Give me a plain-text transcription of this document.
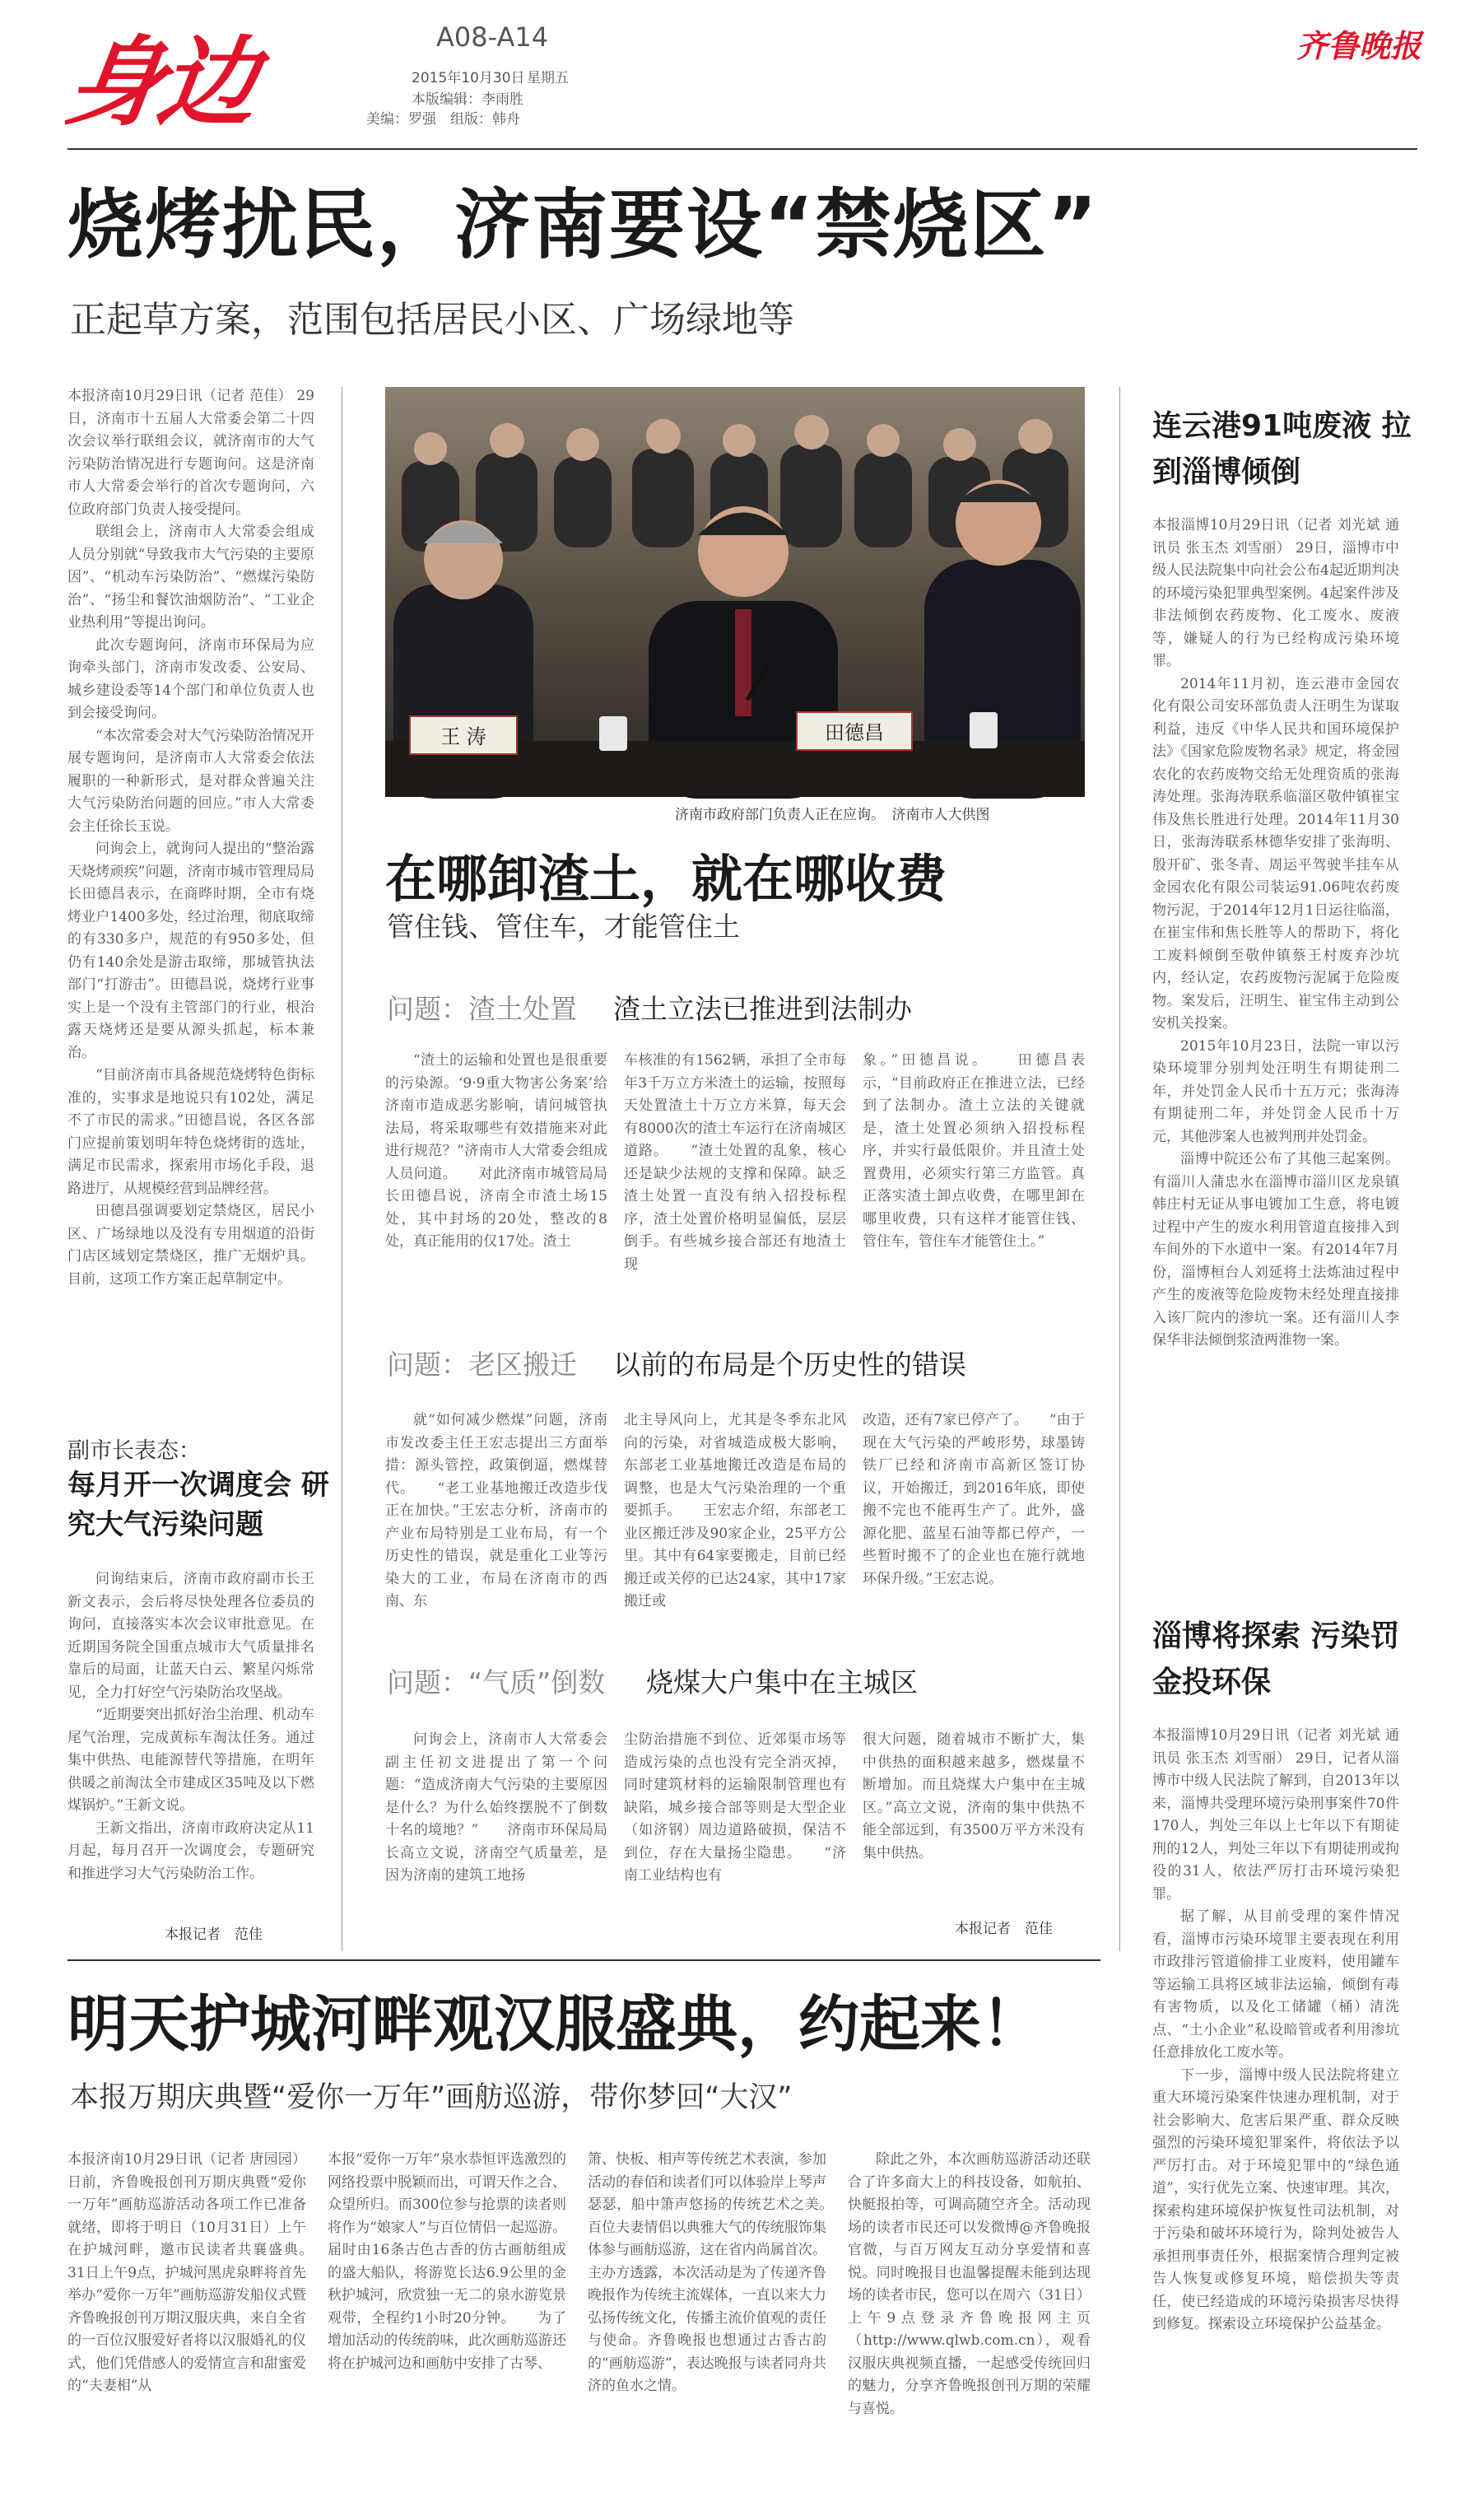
身边	A08-A14
2015年10月30日 星期五
本版编辑：李雨胜
美编：罗强　组版：韩舟
齐鲁晚报
烧烤扰民，济南要设“禁烧区”
正起草方案，范围包括居民小区、广场绿地等

本报济南10月29日讯（记者 范佳） 29日，济南市十五届人大常委会第二十四次会议举行联组会议，就济南市的大气污染防治情况进行专题询问。这是济南市人大常委会举行的首次专题询问，六位政府部门负责人接受提问。

联组会上，济南市人大常委会组成人员分别就“导致我市大气污染的主要原因”、“机动车污染防治”、“燃煤污染防治”、“扬尘和餐饮油烟防治”、“工业企业热利用”等提出询问。

此次专题询问，济南市环保局为应询牵头部门，济南市发改委、公安局、城乡建设委等14个部门和单位负责人也到会接受询问。

“本次常委会对大气污染防治情况开展专题询问，是济南市人大常委会依法履职的一种新形式，是对群众普遍关注大气污染防治问题的回应。”市人大常委会主任徐长玉说。

问询会上，就询问人提出的“整治露天烧烤顽疾”问题，济南市城市管理局局长田德昌表示，在商晔时期，全市有烧烤业户1400多处，经过治理，彻底取缔的有330多户，规范的有950多处，但仍有140余处是游击取缔，那城管执法部门“打游击”。田德昌说，烧烤行业事实上是一个没有主管部门的行业，根治露天烧烤还是要从源头抓起，标本兼治。

“目前济南市具备规范烧烤特色街标准的，实事求是地说只有102处，满足不了市民的需求。”田德昌说，各区各部门应提前策划明年特色烧烤街的选址，满足市民需求，探索用市场化手段，退路进厅，从规模经营到品牌经营。

田德昌强调要划定禁烧区，居民小区、广场绿地以及没有专用烟道的沿街门店区域划定禁烧区，推广无烟炉具。目前，这项工作方案正起草制定中。

副市长表态：
每月开一次调度会 研究大气污染问题

问询结束后，济南市政府副市长王新文表示，会后将尽快处理各位委员的询问，直接落实本次会议审批意见。在近期国务院全国重点城市大气质量排名靠后的局面，让蓝天白云、繁星闪烁常见，全力打好空气污染防治攻坚战。

“近期要突出抓好治尘治理、机动车尾气治理，完成黄标车淘汰任务。通过集中供热、电能源替代等措施，在明年供暖之前淘汰全市建成区35吨及以下燃煤锅炉。”王新文说。

王新文指出，济南市政府决定从11月起，每月召开一次调度会，专题研究和推进学习大气污染防治工作。

本报记者　范佳
王 涛	田德昌
济南市政府部门负责人正在应询。　济南市人大供图
在哪卸渣土，就在哪收费
管住钱、管住车，才能管住土
问题：渣土处置 渣土立法已推进到法制办

“渣土的运输和处置也是很重要的污染源。‘9·9重大物害公务案’给济南市造成恶劣影响，请问城管执法局，将采取哪些有效措施来对此进行规范？”济南市人大常委会组成人员问道。　　对此济南市城管局局长田德昌说，济南全市渣土场15处，其中封场的20处，整改的8处，真正能用的仅17处。渣土

车核准的有1562辆，承担了全市每年3千万立方米渣土的运输，按照每天处置渣土十万立方米算，每天会有8000次的渣土车运行在济南城区道路。　　“渣土处置的乱象，核心还是缺少法规的支撑和保障。缺乏渣土处置一直没有纳入招投标程序，渣土处置价格明显偏低，层层倒手。有些城乡接合部还有地渣土现

象。”田德昌说。　　田德昌表示，“目前政府正在推进立法，已经到了法制办。渣土立法的关键就是，渣土处置必须纳入招投标程序，并实行最低限价。并且渣土处置费用，必须实行第三方监管。真正落实渣土卸点收费，在哪里卸在哪里收费，只有这样才能管住钱、管住车，管住车才能管住土。”

问题：老区搬迁 以前的布局是个历史性的错误

就“如何减少燃煤”问题，济南市发改委主任王宏志提出三方面举措：源头管控，政策倒逼，燃煤替代。　　“老工业基地搬迁改造步伐正在加快。”王宏志分析，济南市的产业布局特别是工业布局，有一个历史性的错误，就是重化工业等污染大的工业，布局在济南市的西南、东

北主导风向上，尤其是冬季东北风向的污染，对省城造成极大影响，东部老工业基地搬迁改造是布局的调整，也是大气污染治理的一个重要抓手。　　王宏志介绍，东部老工业区搬迁涉及90家企业，25平方公里。其中有64家要搬走，目前已经搬迁或关停的已达24家，其中17家搬迁或

改造，还有7家已停产了。　　“由于现在大气污染的严峻形势，球墨铸铁厂已经和济南市高新区签订协议，开始搬迁，到2016年底，即使搬不完也不能再生产了。此外，盛源化肥、蓝星石油等都已停产，一些暂时搬不了的企业也在施行就地环保升级。”王宏志说。

问题：“气质”倒数 烧煤大户集中在主城区

问询会上，济南市人大常委会副主任初文进提出了第一个问题：“造成济南大气污染的主要原因是什么？为什么始终摆脱不了倒数十名的境地？”　　济南市环保局局长高立文说，济南空气质量差，是因为济南的建筑工地扬

尘防治措施不到位、近郊渠市场等造成污染的点也没有完全消灭掉，同时建筑材料的运输限制管理也有缺陷，城乡接合部等则是大型企业（如济钢）周边道路破损，保洁不到位，存在大量扬尘隐患。　　“济南工业结构也有

很大问题，随着城市不断扩大，集中供热的面积越来越多，燃煤量不断增加。而且烧煤大户集中在主城区。”高立文说，济南的集中供热不能全部远到，有3500万平方米没有集中供热。

本报记者　范佳
连云港91吨废液 拉到淄博倾倒

本报淄博10月29日讯（记者 刘光斌 通讯员 张玉杰 刘雪丽） 29日，淄博市中级人民法院集中向社会公布4起近期判决的环境污染犯罪典型案例。4起案件涉及非法倾倒农药废物、化工废水、废液等，嫌疑人的行为已经构成污染环境罪。

2014年11月初，连云港市金园农化有限公司安环部负责人汪明生为谋取利益，违反《中华人民共和国环境保护法》《国家危险废物名录》规定，将金园农化的农药废物交给无处理资质的张海涛处理。张海涛联系临淄区敬仲镇崔宝伟及焦长胜进行处理。2014年11月30日，张海涛联系林德华安排了张海明、殷开矿、张冬青、周运平驾驶半挂车从金园农化有限公司装运91.06吨农药废物污泥，于2014年12月1日运往临淄，在崔宝伟和焦长胜等人的帮助下，将化工废料倾倒至敬仲镇蔡王村废弃沙坑内，经认定，农药废物污泥属于危险废物。案发后，汪明生、崔宝伟主动到公安机关投案。

2015年10月23日，法院一审以污染环境罪分别判处汪明生有期徒刑二年，并处罚金人民币十五万元；张海涛有期徒刑二年，并处罚金人民币十万元，其他涉案人也被判刑并处罚金。

淄博中院还公布了其他三起案例。有淄川人蒲忠水在淄博市淄川区龙泉镇韩庄村无证从事电镀加工生意，将电镀过程中产生的废水利用管道直接排入到车间外的下水道中一案。有2014年7月份，淄博桓台人刘延将土法炼油过程中产生的废液等危险废物未经处理直接排入该厂院内的渗坑一案。还有淄川人李保华非法倾倒浆渣两淮物一案。

淄博将探索 污染罚金投环保

本报淄博10月29日讯（记者 刘光斌 通讯员 张玉杰 刘雪丽） 29日，记者从淄博市中级人民法院了解到，自2013年以来，淄博共受理环境污染刑事案件70件170人，判处三年以上七年以下有期徒刑的12人，判处三年以下有期徒刑或拘役的31人，依法严厉打击环境污染犯罪。

据了解，从目前受理的案件情况看，淄博市污染环境罪主要表现在利用市政排污管道偷排工业废料，使用罐车等运输工具将区域非法运输，倾倒有毒有害物质，以及化工储罐（桶）清洗点、“土小企业”私设暗管或者利用渗坑任意排放化工废水等。

下一步，淄博中级人民法院将建立重大环境污染案件快速办理机制，对于社会影响大、危害后果严重、群众反映强烈的污染环境犯罪案件，将依法予以严厉打击。对于环境犯罪中的“绿色通道”，实行优先立案、快速审理。其次，探索构建环境保护恢复性司法机制，对于污染和破坏环境行为，除判处被告人承担刑事责任外，根据案情合理判定被告人恢复或修复环境，赔偿损失等责任，使已经造成的环境污染损害尽快得到修复。探索设立环境保护公益基金。

明天护城河畔观汉服盛典，约起来！
本报万期庆典暨“爱你一万年”画舫巡游，带你梦回“大汉”

本报济南10月29日讯（记者 唐园园） 日前，齐鲁晚报创刊万期庆典暨“爱你一万年”画舫巡游活动各项工作已准备就绪，即将于明日（10月31日）上午在护城河畔，邀市民读者共襄盛典。　　31日上午9点，护城河黑虎泉畔将首先举办“爱你一万年”画舫巡游发船仪式暨齐鲁晚报创刊万期汉服庆典，来自全省的一百位汉服爱好者将以汉服婚礼的仪式，他们凭借感人的爱情宣言和甜蜜爱的“夫妻相”从

本报“爱你一万年”泉水恭恒评选激烈的网络投票中脱颖而出，可谓天作之合、众望所归。而300位参与抢票的读者则将作为“娘家人”与百位情侣一起巡游。届时由16条古色古香的仿古画舫组成的盛大船队，将游览长达6.9公里的金秋护城河，欣赏独一无二的泉水游览景观带，全程约1小时20分钟。　　为了增加活动的传统韵味，此次画舫巡游还将在护城河边和画舫中安排了古琴、

箫、快板、相声等传统艺术表演，参加活动的春佰和读者们可以体验岸上琴声瑟瑟，船中箫声悠扬的传统艺术之美。　　百位夫妻情侣以典雅大气的传统服饰集体参与画舫巡游，这在省内尚属首次。主办方透露，本次活动是为了传递齐鲁晚报作为传统主流媒体，一直以来大力弘扬传统文化，传播主流价值观的责任与使命。齐鲁晚报也想通过古香古韵的“画舫巡游”，表达晚报与读者同舟共济的鱼水之情。

除此之外，本次画舫巡游活动还联合了许多商大上的科技设备，如航拍、快艇报拍等，可调高随空齐全。活动现场的读者市民还可以发微博@齐鲁晚报官微，与百万网友互动分享爱情和喜悦。同时晚报目也温馨提醒未能到达现场的读者市民，您可以在周六（31日）上午9点登录齐鲁晚报网主页（http://www.qlwb.com.cn），观看汉服庆典视频直播，一起感受传统回归的魅力，分享齐鲁晚报创刊万期的荣耀与喜悦。
